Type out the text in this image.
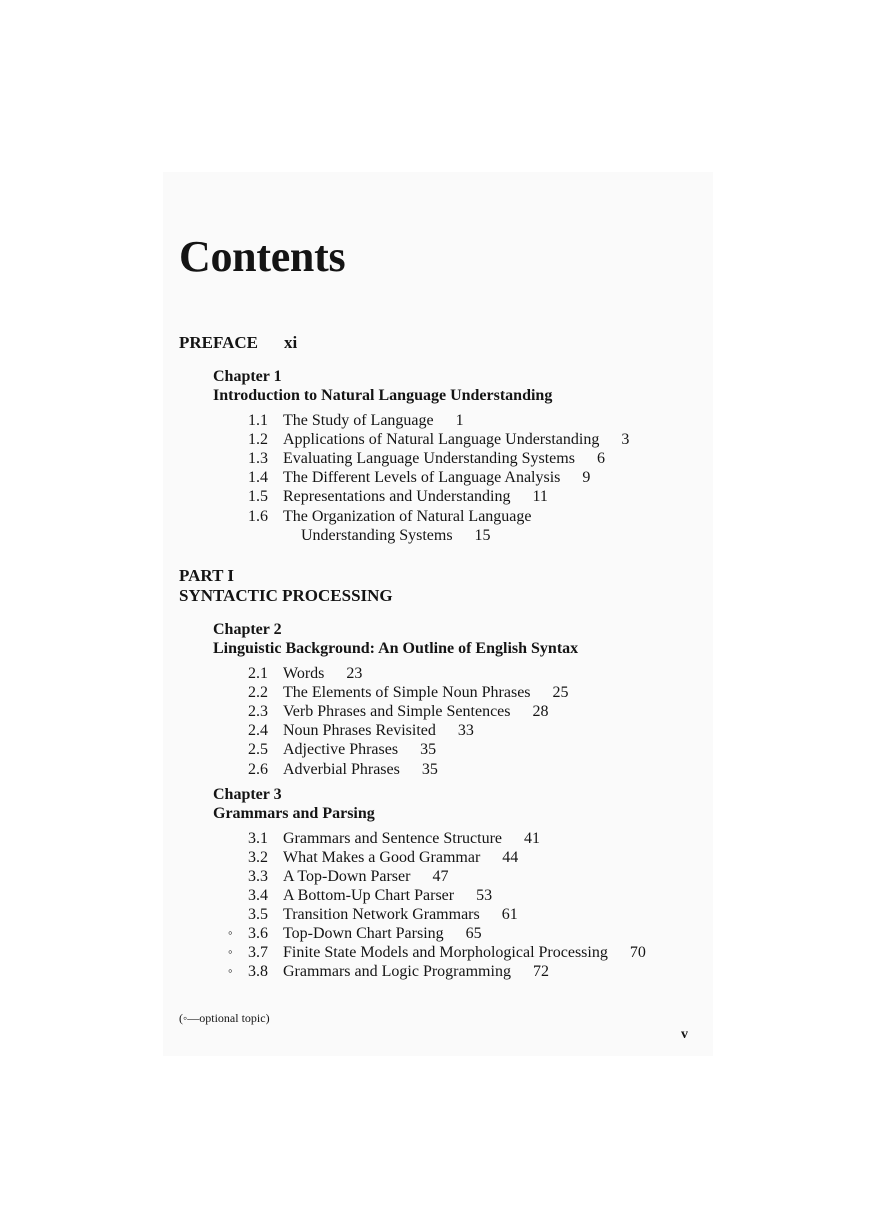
Contents
PREFACE xi
Chapter 1
Introduction to Natural Language Understanding
1.1 The Study of Language 1
1.2 Applications of Natural Language Understanding 3
1.3 Evaluating Language Understanding Systems 6
1.4 The Different Levels of Language Analysis 9
1.5 Representations and Understanding 11
1.6 The Organization of Natural Language
Understanding Systems 15
PART I
SYNTACTIC PROCESSING
Chapter 2
Linguistic Background: An Outline of English Syntax
2.1 Words 23
2.2 The Elements of Simple Noun Phrases 25
2.3 Verb Phrases and Simple Sentences 28
2.4 Noun Phrases Revisited 33
2.5 Adjective Phrases 35
2.6 Adverbial Phrases 35
Chapter 3
Grammars and Parsing
3.1 Grammars and Sentence Structure 41
3.2 What Makes a Good Grammar 44
3.3 A Top-Down Parser 47
3.4 A Bottom-Up Chart Parser 53
3.5 Transition Network Grammars 61
◦ 3.6 Top-Down Chart Parsing 65
◦ 3.7 Finite State Models and Morphological Processing 70
◦ 3.8 Grammars and Logic Programming 72
(◦—optional topic)
v
